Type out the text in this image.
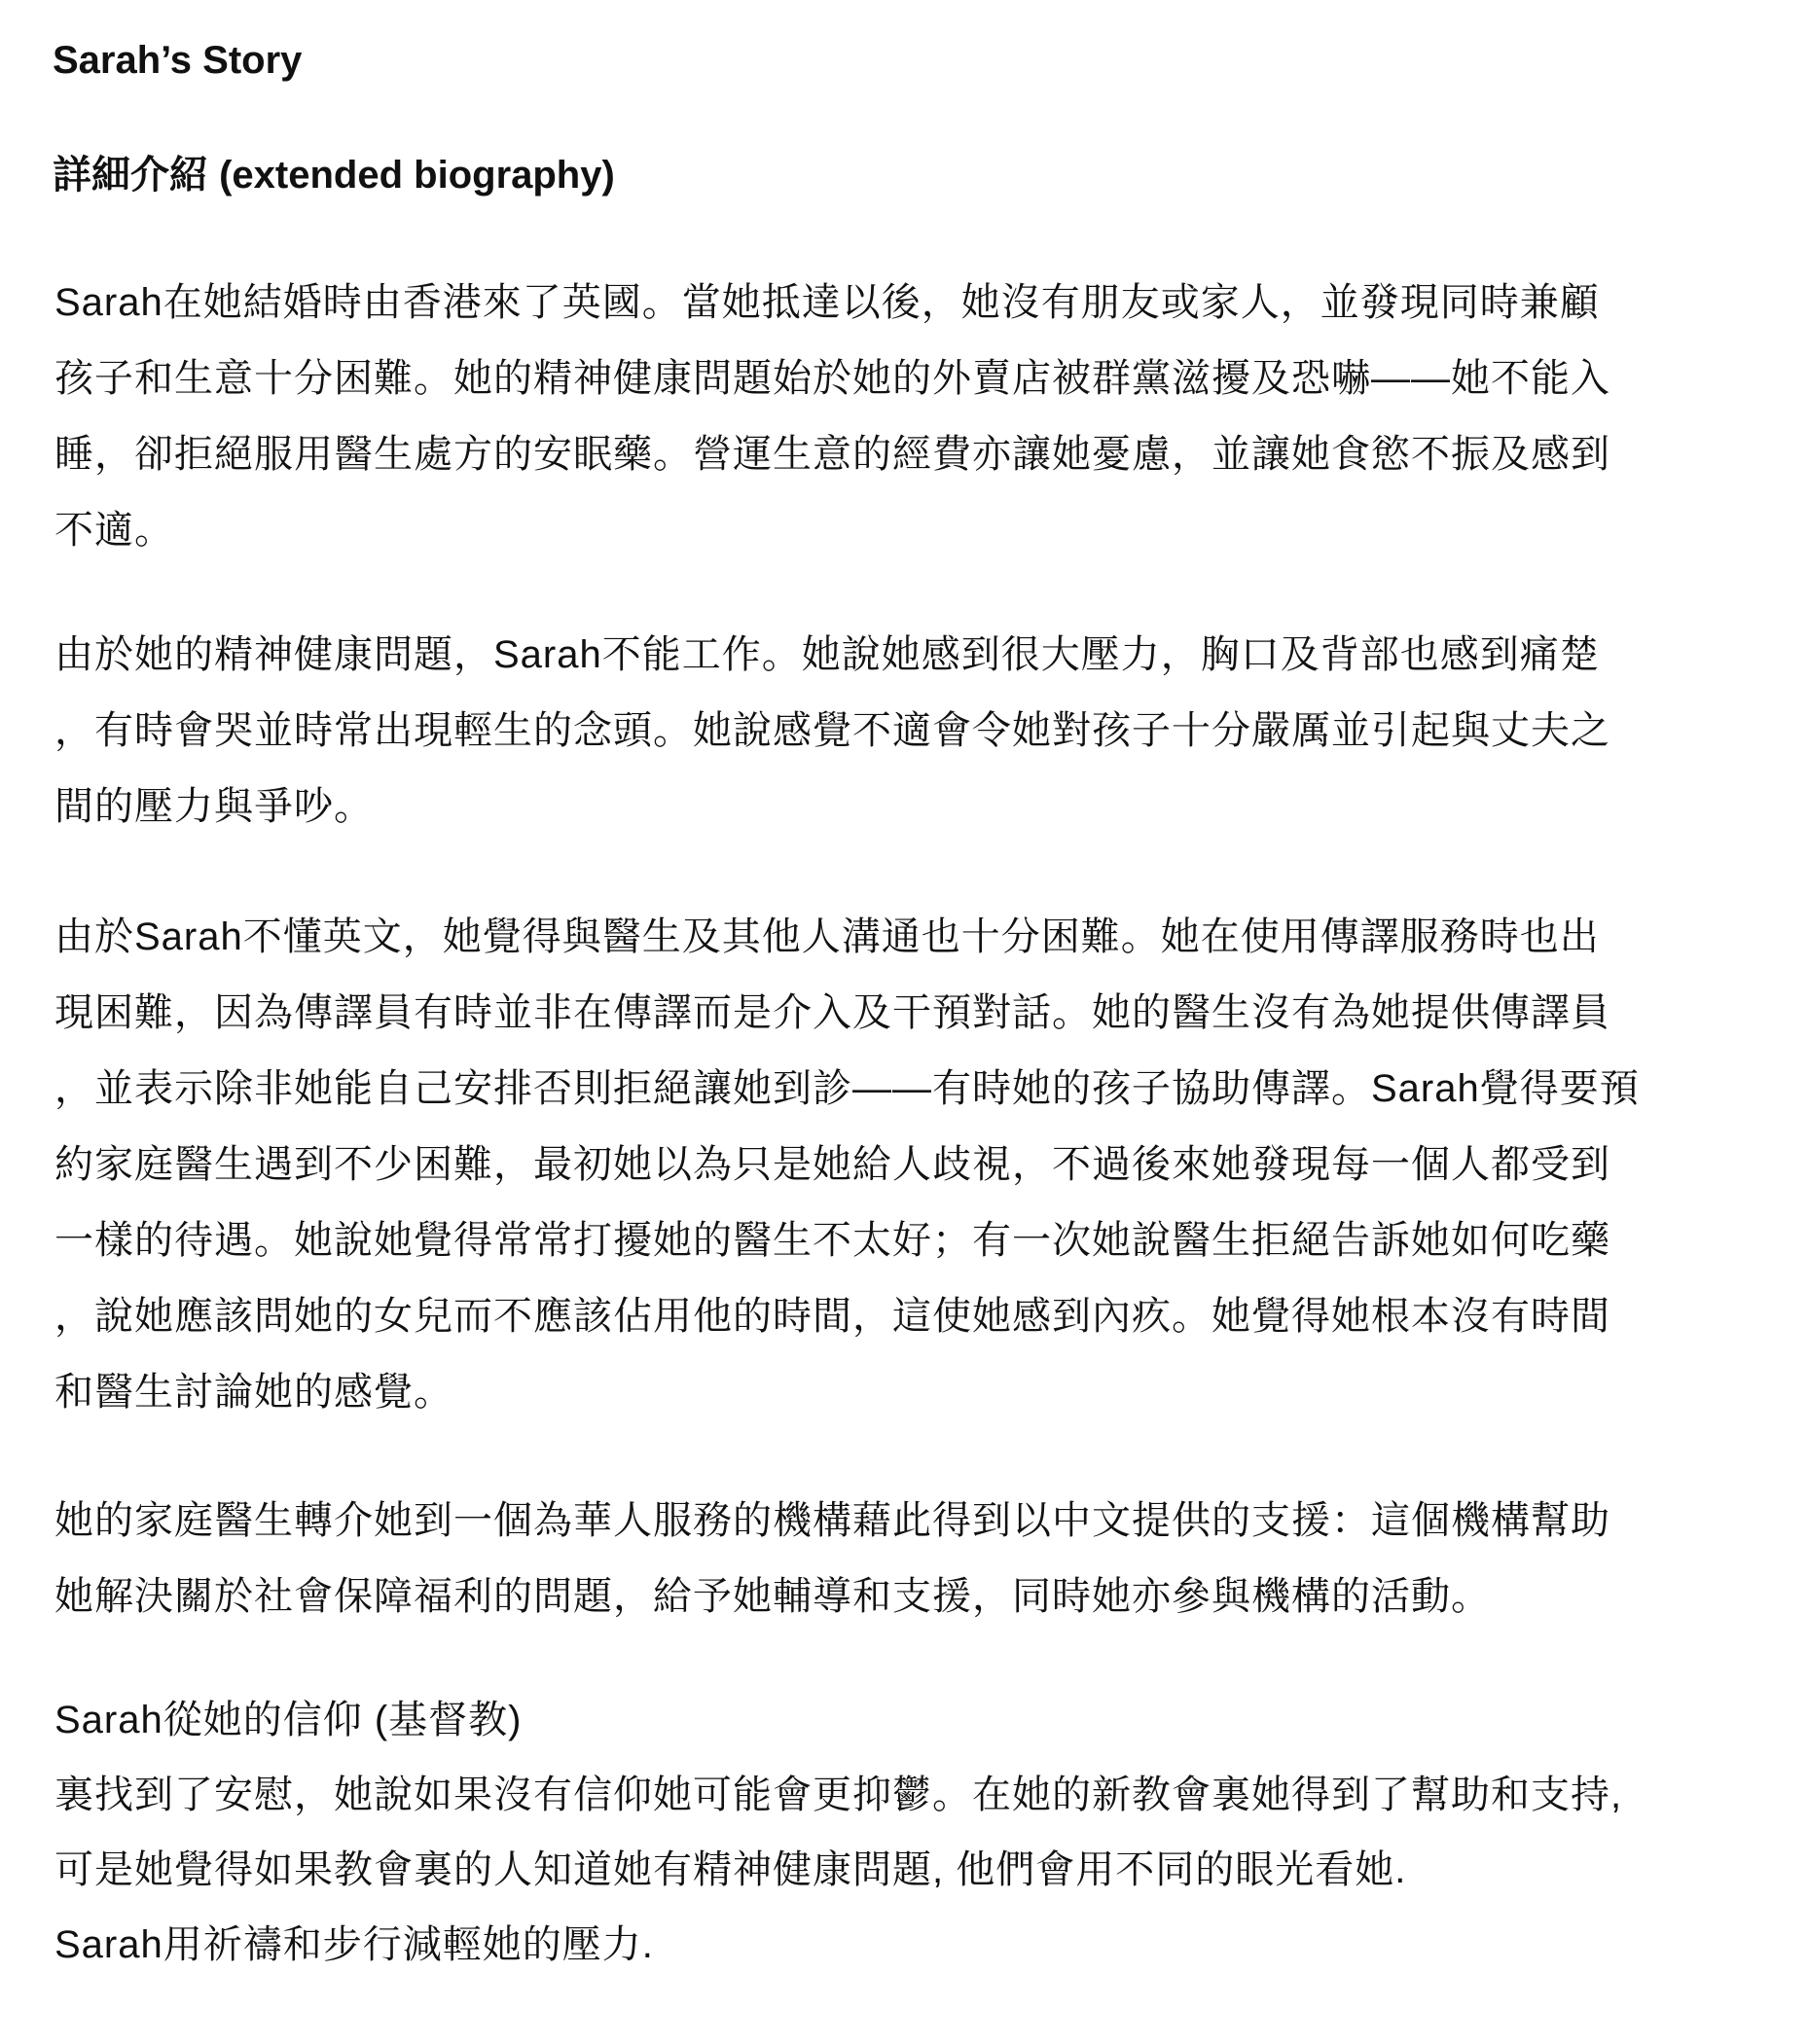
Sarah’s Story
詳細介紹 (extended biography)
Sarah在她結婚時由香港來了英國。當她抵達以後，她沒有朋友或家人，並發現同時兼顧
孩子和生意十分困難。她的精神健康問題始於她的外賣店被群黨滋擾及恐嚇——她不能入
睡，卻拒絕服用醫生處方的安眠藥。營運生意的經費亦讓她憂慮，並讓她食慾不振及感到
不適。
由於她的精神健康問題，Sarah不能工作。她說她感到很大壓力，胸口及背部也感到痛楚
，有時會哭並時常出現輕生的念頭。她說感覺不適會令她對孩子十分嚴厲並引起與丈夫之
間的壓力與爭吵。
由於Sarah不懂英文，她覺得與醫生及其他人溝通也十分困難。她在使用傳譯服務時也出
現困難，因為傳譯員有時並非在傳譯而是介入及干預對話。她的醫生沒有為她提供傳譯員
，並表示除非她能自己安排否則拒絕讓她到診——有時她的孩子協助傳譯。Sarah覺得要預
約家庭醫生遇到不少困難，最初她以為只是她給人歧視，不過後來她發現每一個人都受到
一樣的待遇。她說她覺得常常打擾她的醫生不太好；有一次她說醫生拒絕告訴她如何吃藥
，說她應該問她的女兒而不應該佔用他的時間，這使她感到內疚。她覺得她根本沒有時間
和醫生討論她的感覺。
她的家庭醫生轉介她到一個為華人服務的機構藉此得到以中文提供的支援：這個機構幫助
她解決關於社會保障福利的問題，給予她輔導和支援，同時她亦參與機構的活動。
Sarah從她的信仰 (基督教)
裏找到了安慰，她說如果沒有信仰她可能會更抑鬱。在她的新教會裏她得到了幫助和支持,
可是她覺得如果教會裏的人知道她有精神健康問題, 他們會用不同的眼光看她.
Sarah用祈禱和步行減輕她的壓力.
